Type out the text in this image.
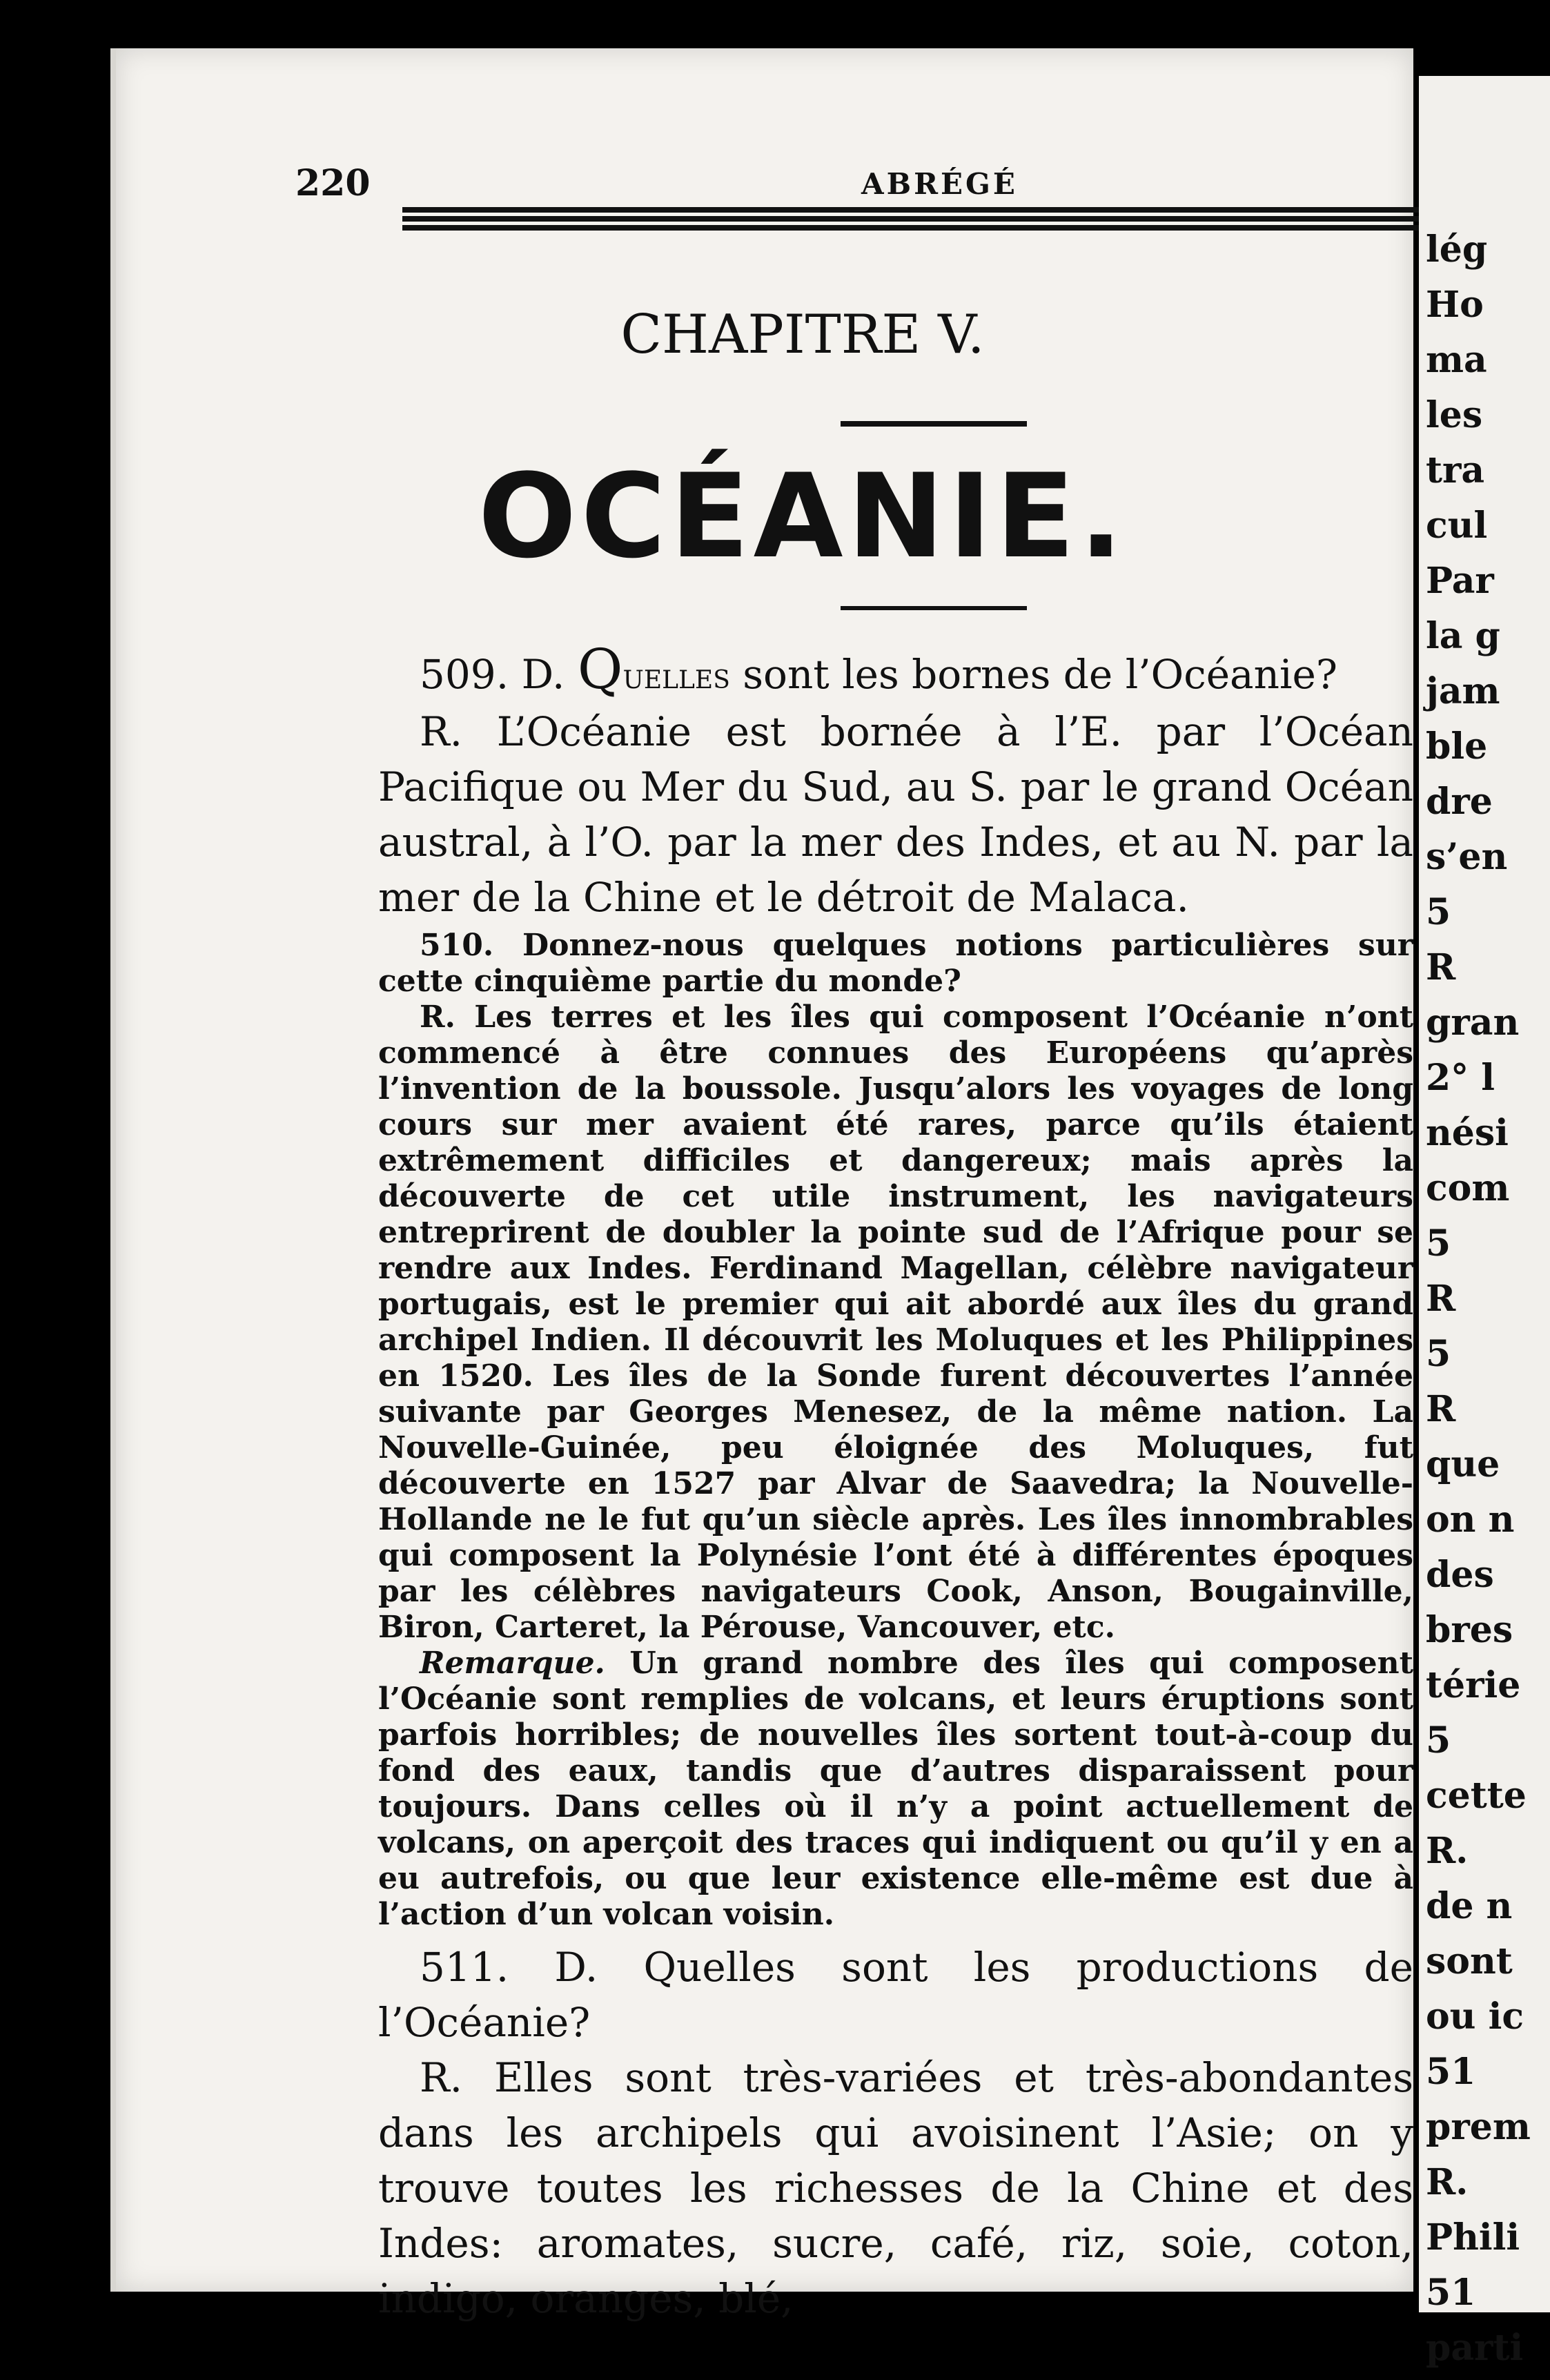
220	ABRÉGÉ
CHAPITRE V.
OCÉANIE.

509. D. Quelles sont les bornes de l’Océanie?

R. L’Océanie est bornée à l’E. par l’Océan Pacifique ou Mer du Sud, au S. par le grand Océan austral, à l’O. par la mer des Indes, et au N. par la mer de la Chine et le détroit de Malaca.

510. Donnez-nous quelques notions particulières sur cette cinquième partie du monde?

R. Les terres et les îles qui composent l’Océanie n’ont commencé à être connues des Européens qu’après l’invention de la boussole. Jusqu’alors les voyages de long cours sur mer avaient été rares, parce qu’ils étaient extrêmement difficiles et dangereux; mais après la découverte de cet utile instrument, les navigateurs entreprirent de doubler la pointe sud de l’Afrique pour se rendre aux Indes. Ferdinand Magellan, célèbre navigateur portugais, est le premier qui ait abordé aux îles du grand archipel Indien. Il découvrit les Moluques et les Philippines en 1520. Les îles de la Sonde furent découvertes l’année suivante par Georges Menesez, de la même nation. La Nouvelle-Guinée, peu éloignée des Moluques, fut découverte en 1527 par Alvar de Saavedra; la Nouvelle-Hollande ne le fut qu’un siècle après. Les îles innombrables qui composent la Polynésie l’ont été à différentes époques par les célèbres navigateurs Cook, Anson, Bougainville, Biron, Carteret, la Pérouse, Vancouver, etc.

Remarque. Un grand nombre des îles qui composent l’Océanie sont remplies de volcans, et leurs éruptions sont parfois horribles; de nouvelles îles sortent tout-à-coup du fond des eaux, tandis que d’autres disparaissent pour toujours. Dans celles où il n’y a point actuellement de volcans, on aperçoit des traces qui indiquent ou qu’il y en a eu autrefois, ou que leur existence elle-même est due à l’action d’un volcan voisin.

511. D. Quelles sont les productions de l’Océanie?

R. Elles sont très-variées et très-abondantes dans les archipels qui avoisinent l’Asie; on y trouve toutes les richesses de la Chine et des Indes: aromates, sucre, café, riz, soie, coton, indigo, oranges, blé,

lég
Ho
ma
les
tra
cul
Par
la g
jam
ble
dre
s’en
5
R
gran
2° l
nési
com
5
R
5
R
que
on n
des
bres
térie
5
cette
R.
de n
sont
ou ic
51
prem
R.
Phili
51
parti
